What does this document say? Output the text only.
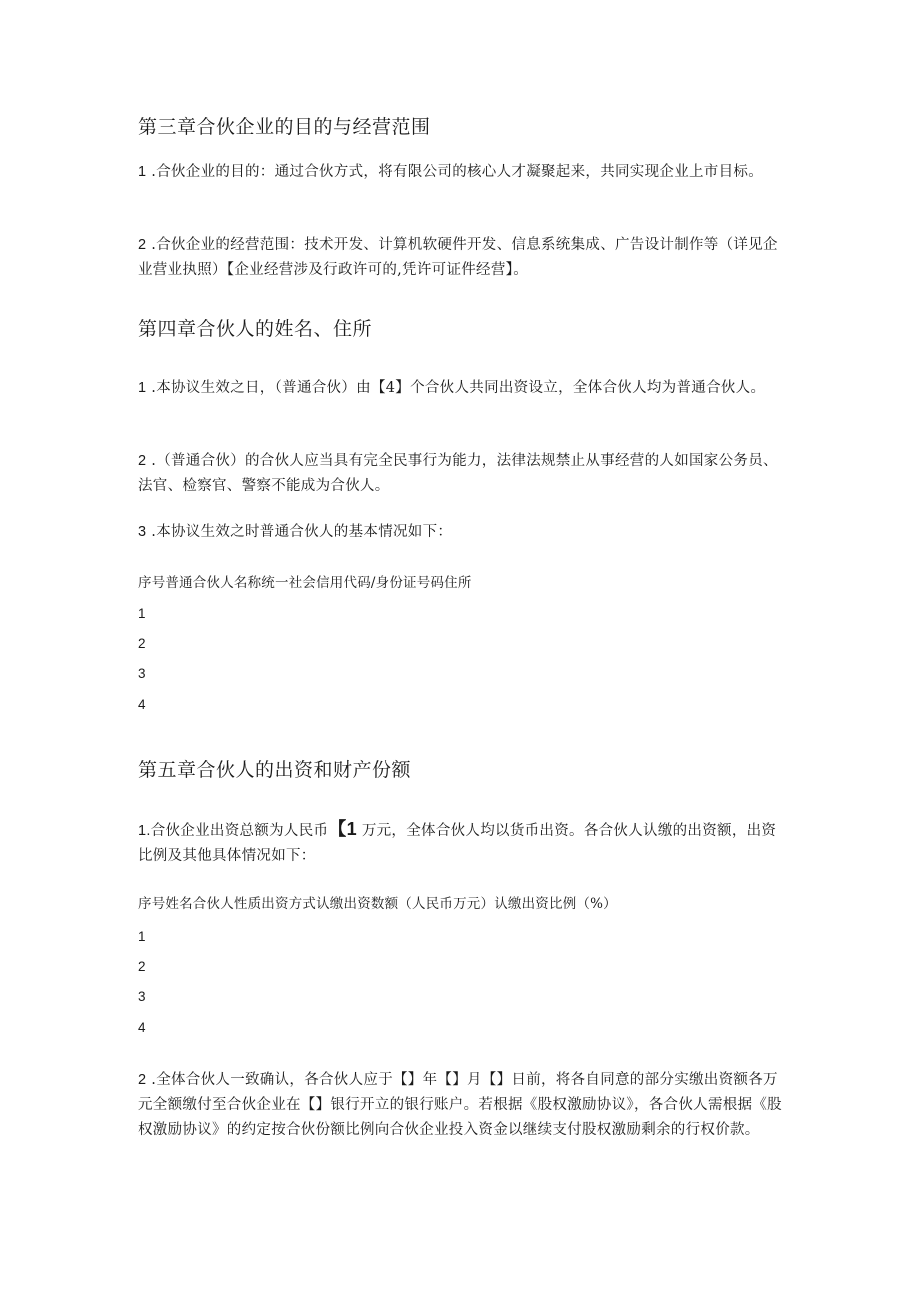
第三章合伙企业的目的与经营范围
1 .合伙企业的目的：通过合伙方式，将有限公司的核心人才凝聚起来，共同实现企业上市目标。
2 .合伙企业的经营范围：技术开发、计算机软硬件开发、信息系统集成、广告设计制作等（详见企业营业执照）【企业经营涉及行政许可的,凭许可证件经营】。
第四章合伙人的姓名、住所
1 .本协议生效之日，（普通合伙）由【4】个合伙人共同出资设立，全体合伙人均为普通合伙人。
2 .（普通合伙）的合伙人应当具有完全民事行为能力，法律法规禁止从事经营的人如国家公务员、法官、检察官、警察不能成为合伙人。
3 .本协议生效之时普通合伙人的基本情况如下：
序号普通合伙人名称统一社会信用代码/身份证号码住所
1
2
3
4
第五章合伙人的出资和财产份额
1.合伙企业出资总额为人民币【1 万元，全体合伙人均以货币出资。各合伙人认缴的出资额，出资比例及其他具体情况如下：
序号姓名合伙人性质出资方式认缴出资数额（人民币万元）认缴出资比例（%）
1
2
3
4
2 .全体合伙人一致确认，各合伙人应于【】年【】月【】日前，将各自同意的部分实缴出资额各万元全额缴付至合伙企业在【】银行开立的银行账户。若根据《股权激励协议》，各合伙人需根据《股权激励协议》的约定按合伙份额比例向合伙企业投入资金以继续支付股权激励剩余的行权价款。
